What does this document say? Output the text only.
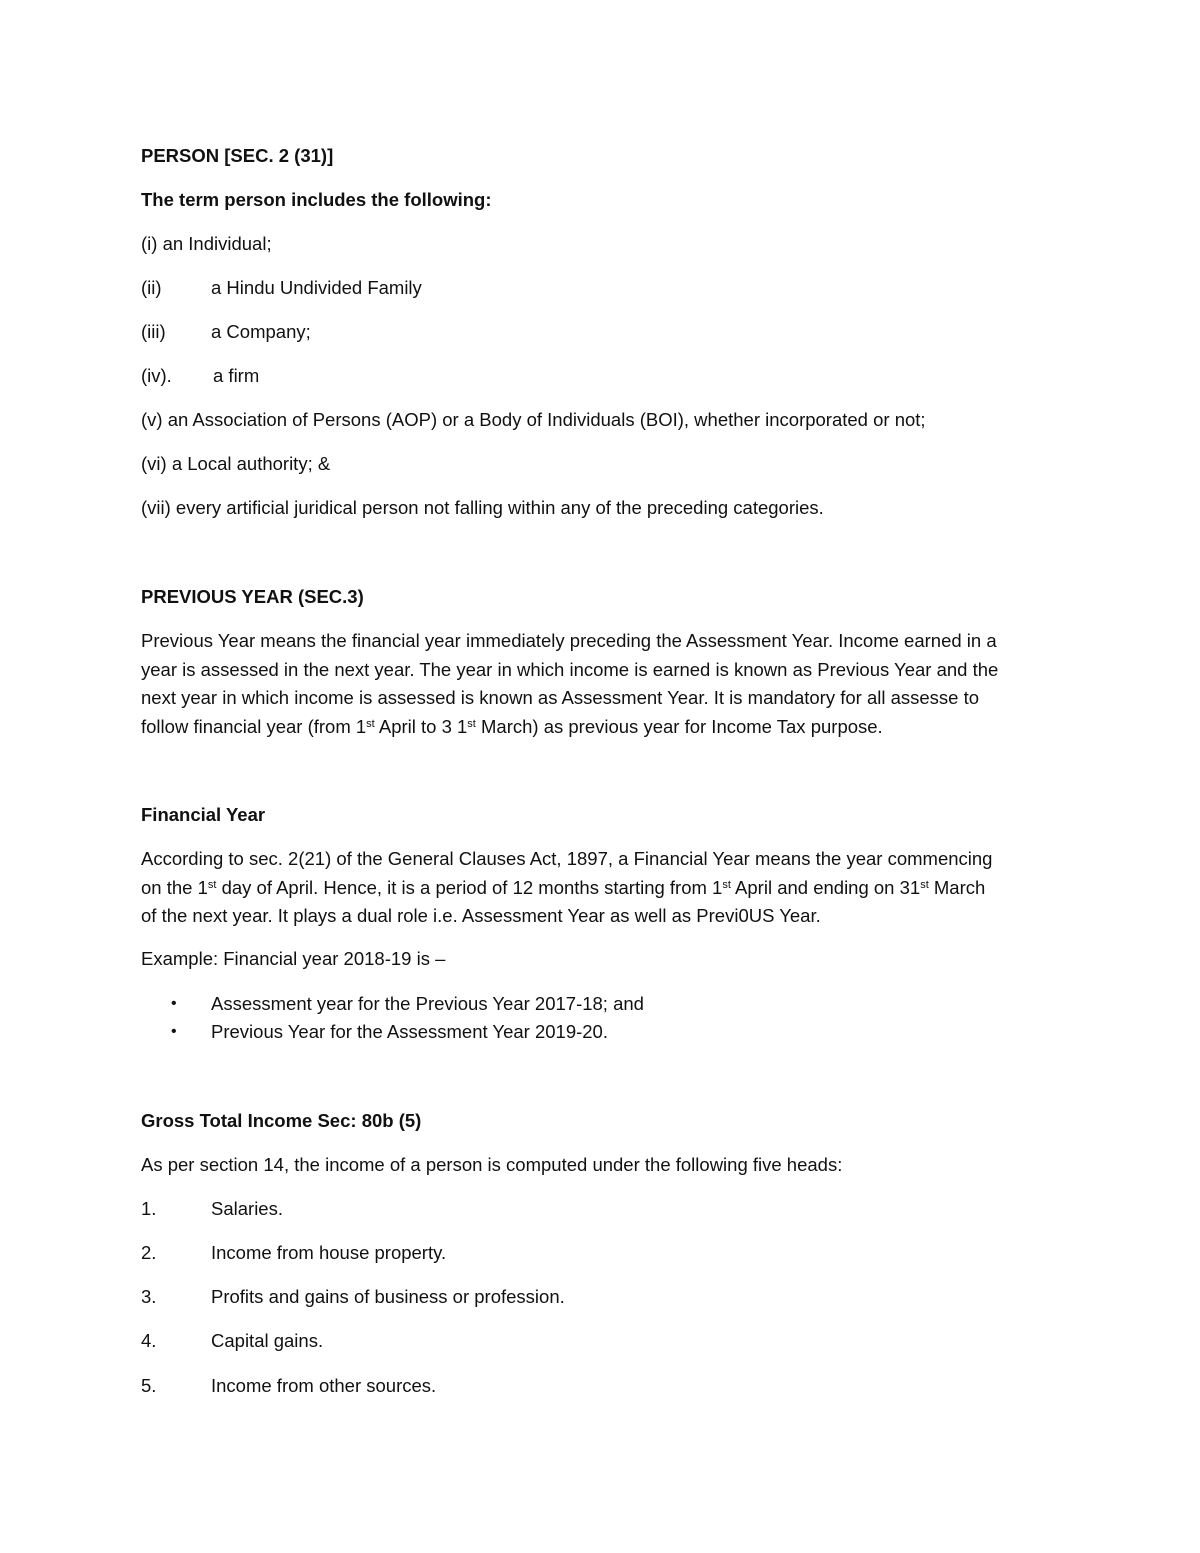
PERSON [SEC. 2 (31)]
The term person includes the following:
(i) an Individual;
(ii)	a Hindu Undivided Family
(iii) a Company;
(iv). a firm
(v) an Association of Persons (AOP) or a Body of Individuals (BOI), whether incorporated or not;
(vi) a Local authority; &
(vii) every artificial juridical person not falling within any of the preceding categories.
PREVIOUS YEAR (SEC.3)

Previous Year means the financial year immediately preceding the Assessment Year. Income earned in a

year is assessed in the next year. The year in which income is earned is known as Previous Year and the

next year in which income is assessed is known as Assessment Year. It is mandatory for all assesse to

follow financial year (from 1st April to 3 1st March) as previous year for Income Tax purpose.

Financial Year

According to sec. 2(21) of the General Clauses Act, 1897, a Financial Year means the year commencing

on the 1st day of April. Hence, it is a period of 12 months starting from 1st April and ending on 31st March

of the next year. It plays a dual role i.e. Assessment Year as well as Previ0US Year.

Example: Financial year 2018-19 is –
• Assessment year for the Previous Year 2017-18; and
• Previous Year for the Assessment Year 2019-20.
Gross Total Income Sec: 80b (5)
As per section 14, the income of a person is computed under the following five heads:
1.	Salaries.
2.	Income from house property.
3.	Profits and gains of business or profession.
4.	Capital gains.
5.	Income from other sources.
